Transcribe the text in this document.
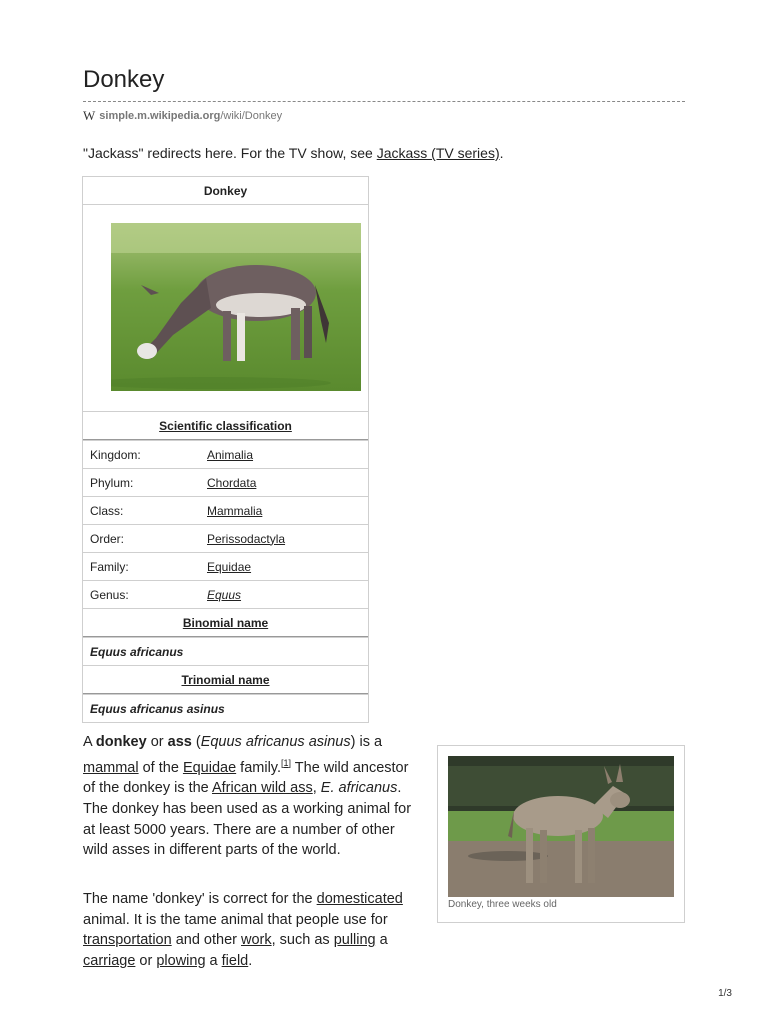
Donkey
W simple.m.wikipedia.org/wiki/Donkey
"Jackass" redirects here. For the TV show, see Jackass (TV series).
Donkey
Scientific classification
Kingdom:	Animalia
Phylum:	Chordata
Class:	Mammalia
Order:	Perissodactyla
Family:	Equidae
Genus:	Equus
Binomial name
Equus africanus
Trinomial name
Equus africanus asinus
A donkey or ass (Equus africanus asinus) is a mammal of the Equidae family.[1] The wild ancestor of the donkey is the African wild ass, E. africanus. The donkey has been used as a working animal for at least 5000 years. There are a number of other wild asses in different parts of the world.
The name 'donkey' is correct for the domesticated animal. It is the tame animal that people use for transportation and other work, such as pulling a carriage or plowing a field.
Donkey, three weeks old
1/3
